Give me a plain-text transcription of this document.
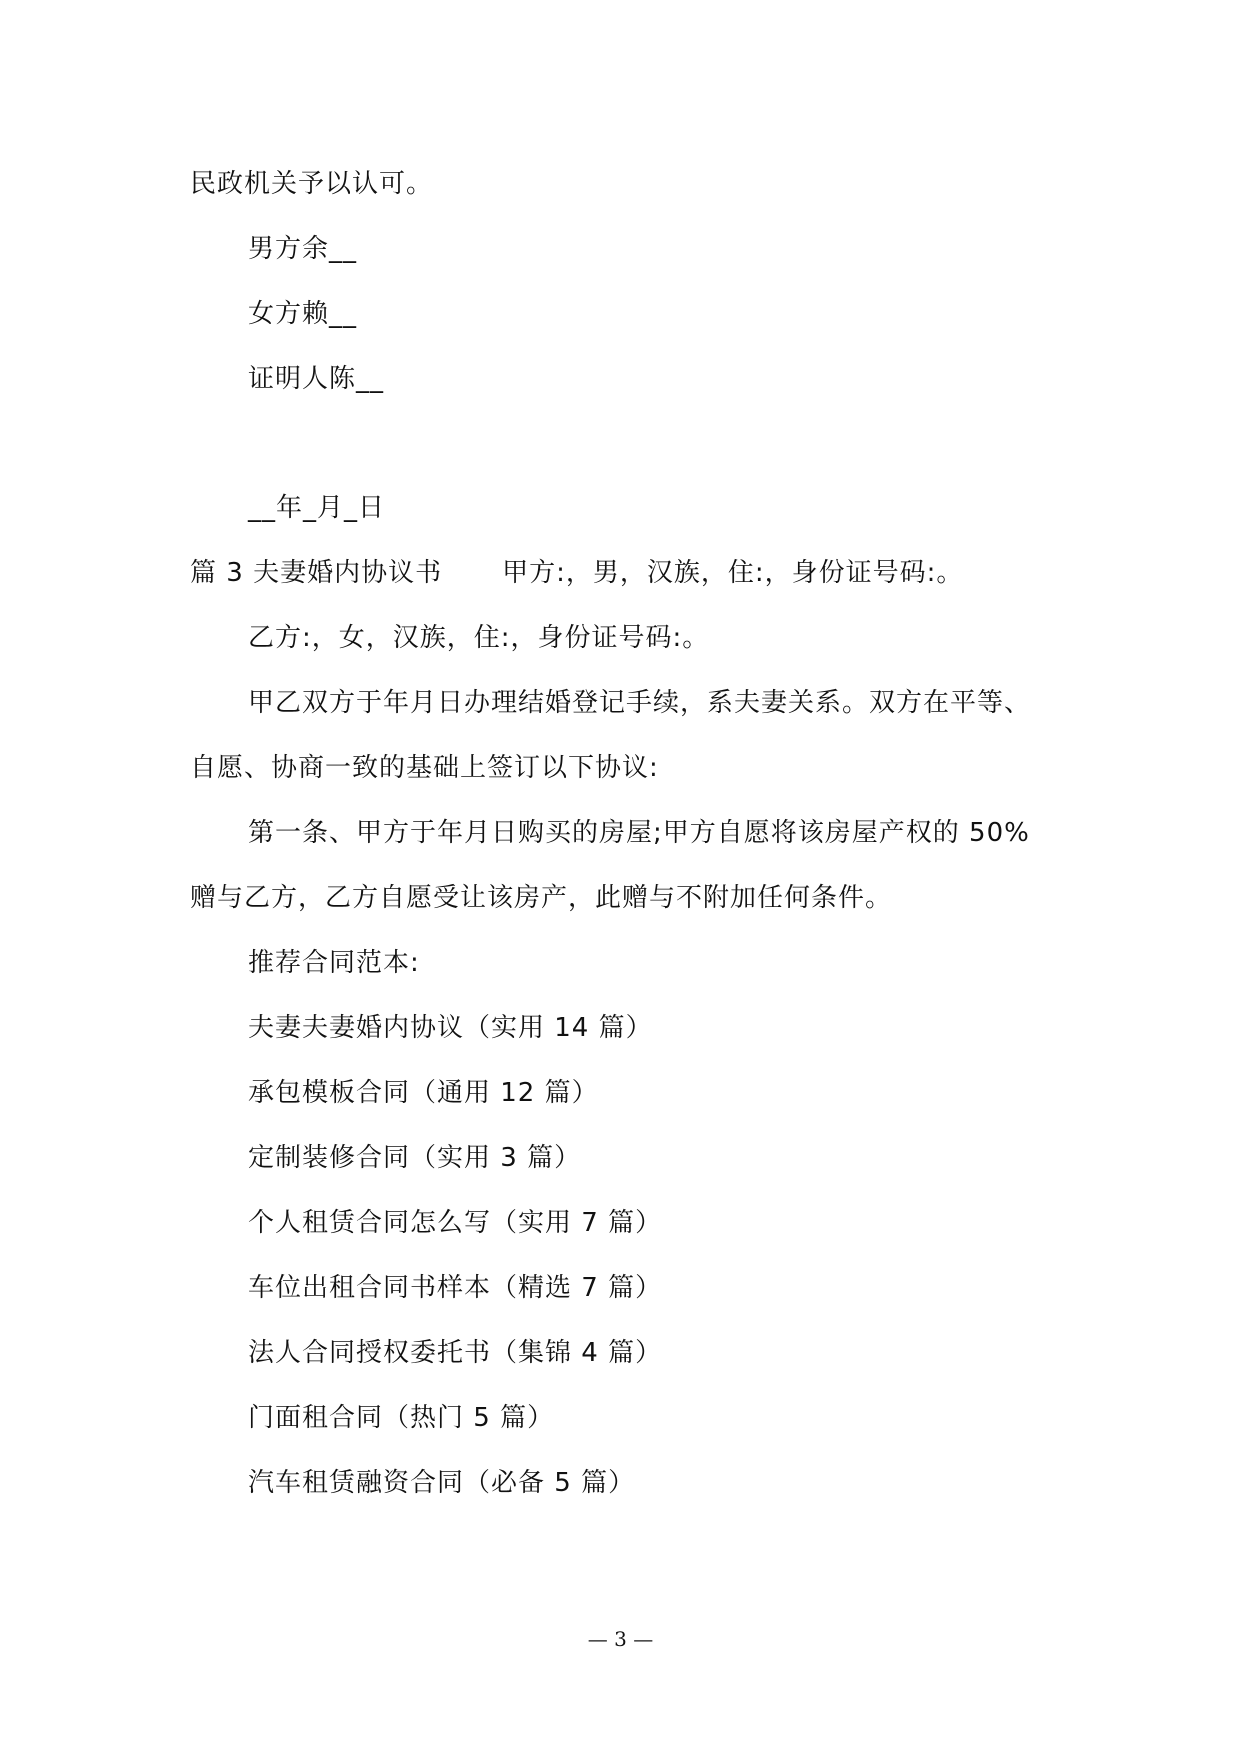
民政机关予以认可。
男方余__
女方赖__
证明人陈__
__年_月_日
篇 3 夫妻婚内协议书 甲方:，男，汉族，住:，身份证号码:。
乙方:，女，汉族，住:，身份证号码:。
甲乙双方于年月日办理结婚登记手续，系夫妻关系。双方在平等、
自愿、协商一致的基础上签订以下协议:
第一条、甲方于年月日购买的房屋;甲方自愿将该房屋产权的 50%
赠与乙方，乙方自愿受让该房产，此赠与不附加任何条件。
推荐合同范本:
夫妻夫妻婚内协议（实用 14 篇）
承包模板合同（通用 12 篇）
定制装修合同（实用 3 篇）
个人租赁合同怎么写（实用 7 篇）
车位出租合同书样本（精选 7 篇）
法人合同授权委托书（集锦 4 篇）
门面租合同（热门 5 篇）
汽车租赁融资合同（必备 5 篇）
— 3 —
